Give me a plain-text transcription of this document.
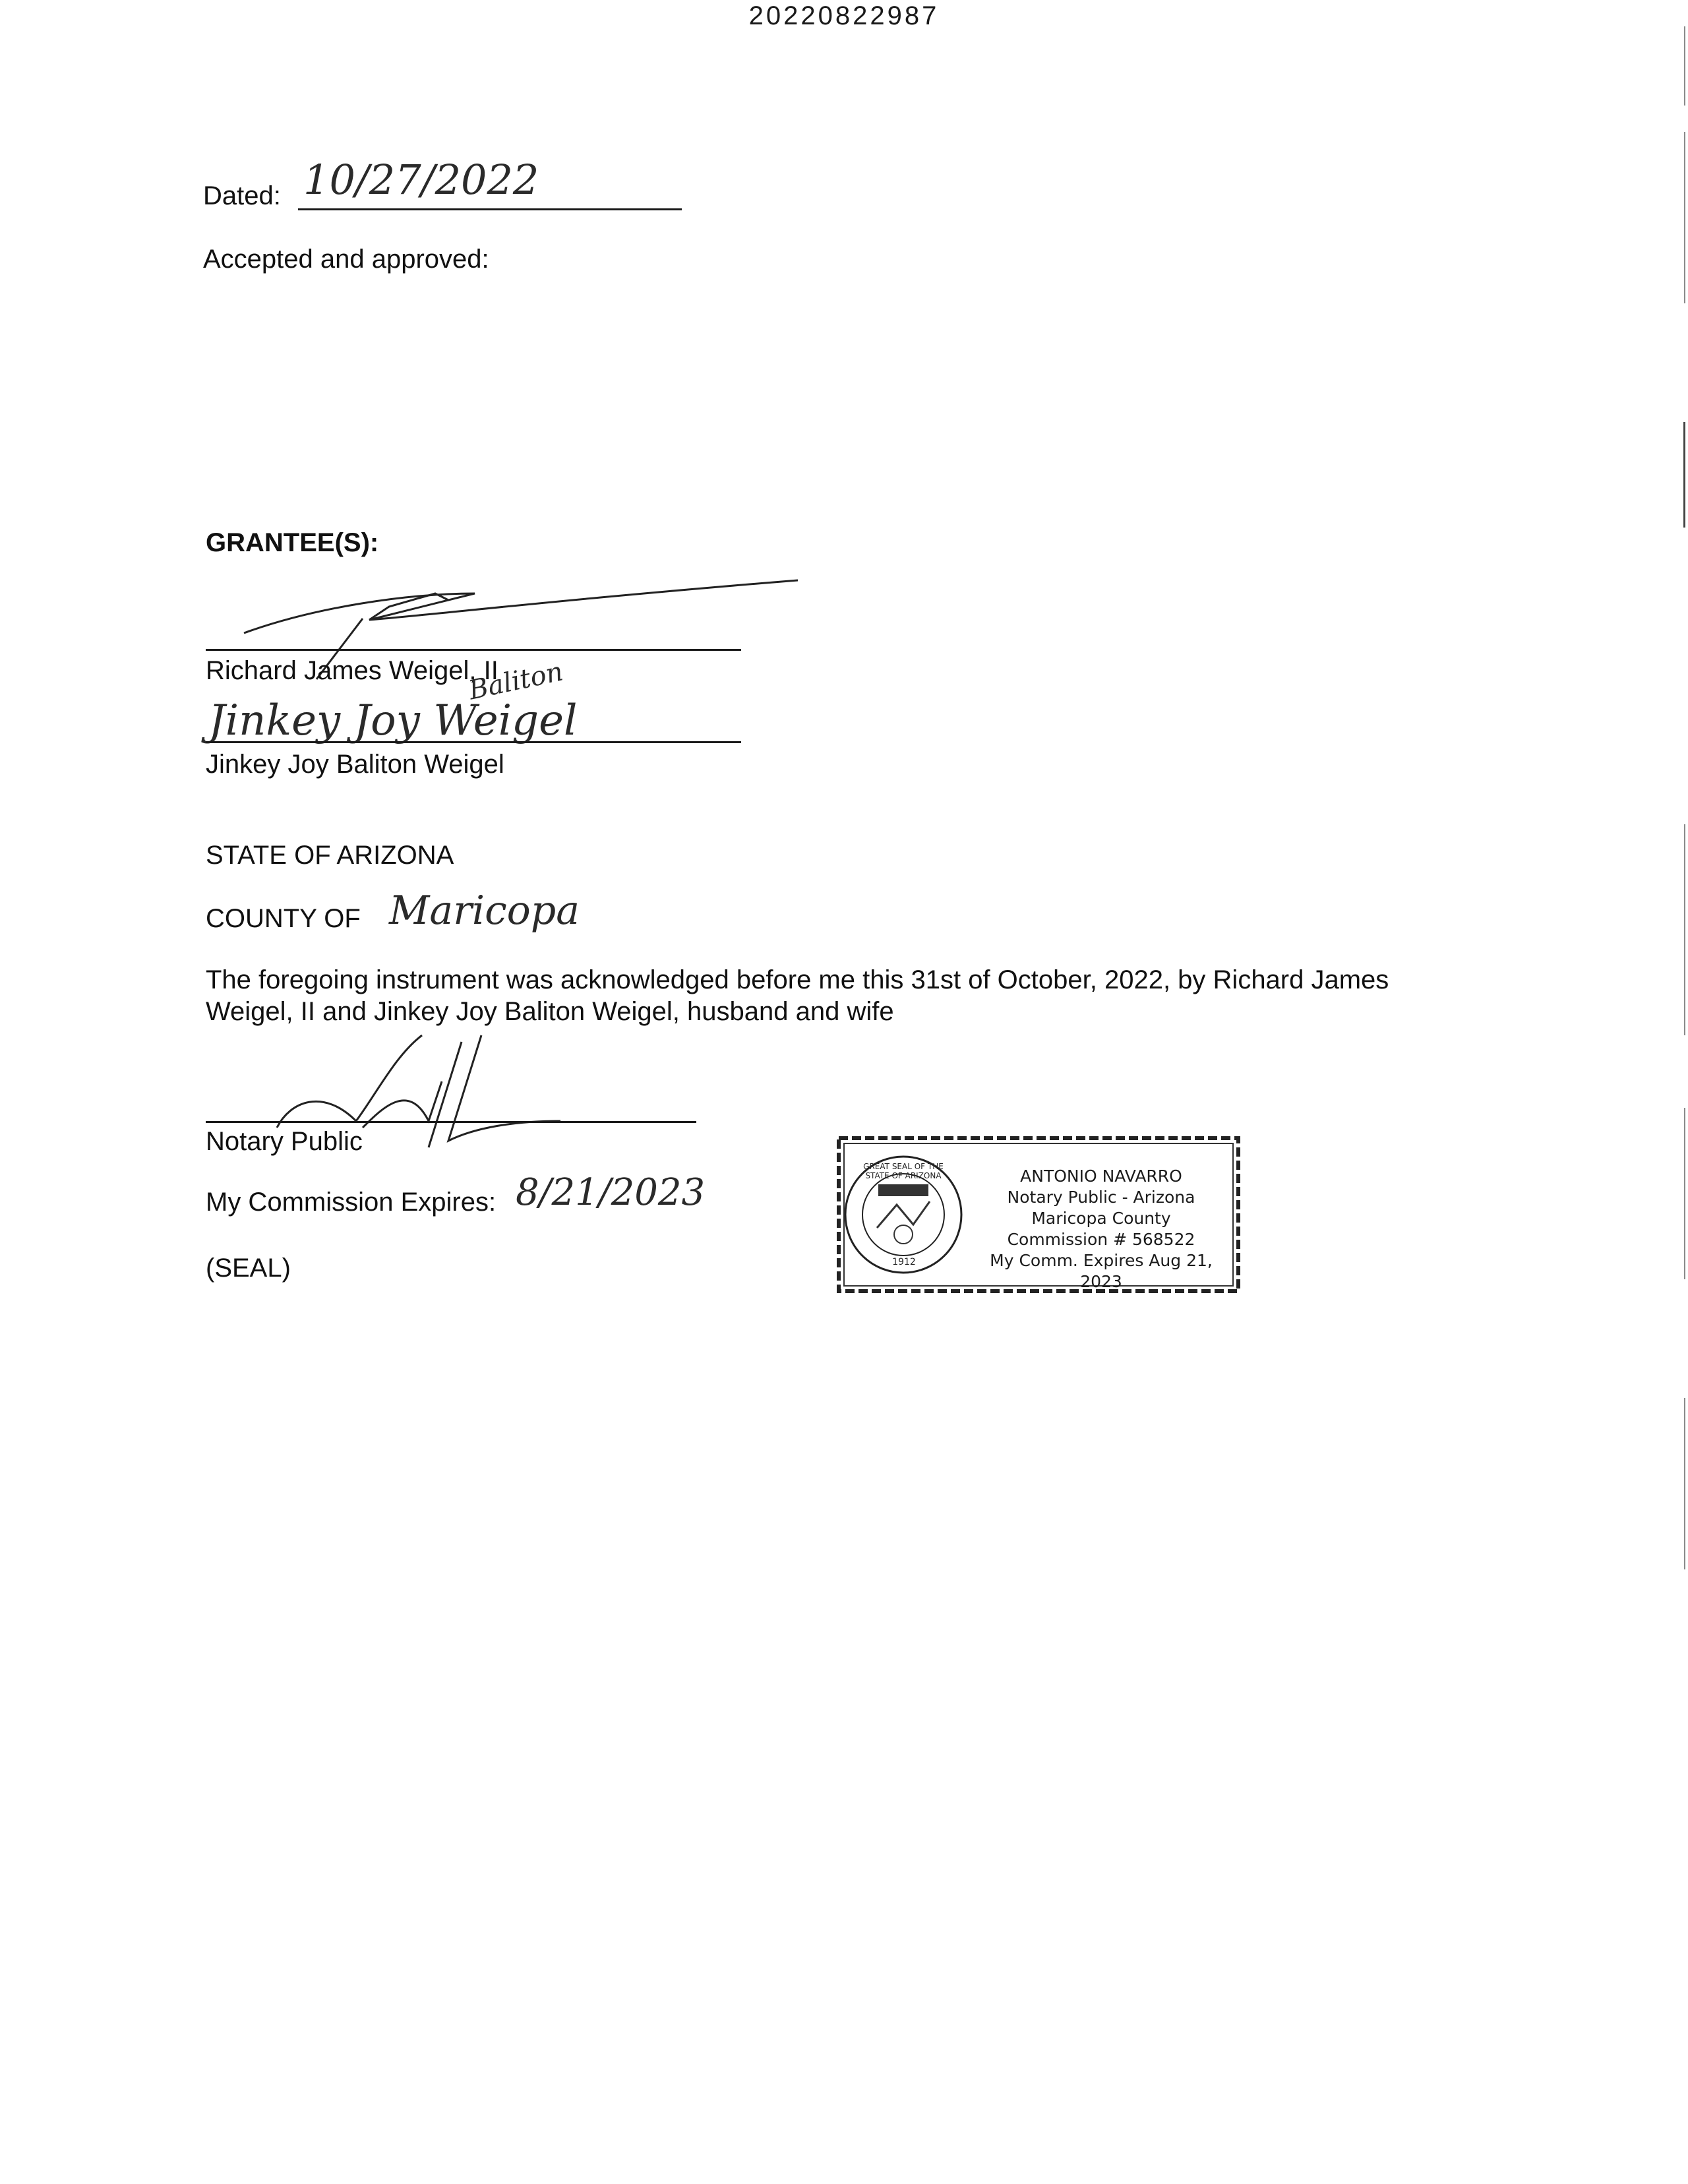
20220822987
Dated: 10/27/2022
Accepted and approved:
GRANTEE(S):
Richard James Weigel, II
Jinkey Joy Weigel
Baliton
Jinkey Joy Baliton Weigel
STATE OF ARIZONA
COUNTY OF Maricopa
The foregoing instrument was acknowledged before me this 31st of October, 2022, by Richard James
Weigel, II and Jinkey Joy Baliton Weigel, husband and wife
Notary Public
My Commission Expires: 8/21/2023
(SEAL)
GREAT SEAL OF THE STATE OF ARIZONA
1912
ANTONIO NAVARRO
Notary Public - Arizona
Maricopa County
Commission # 568522
My Comm. Expires Aug 21, 2023
